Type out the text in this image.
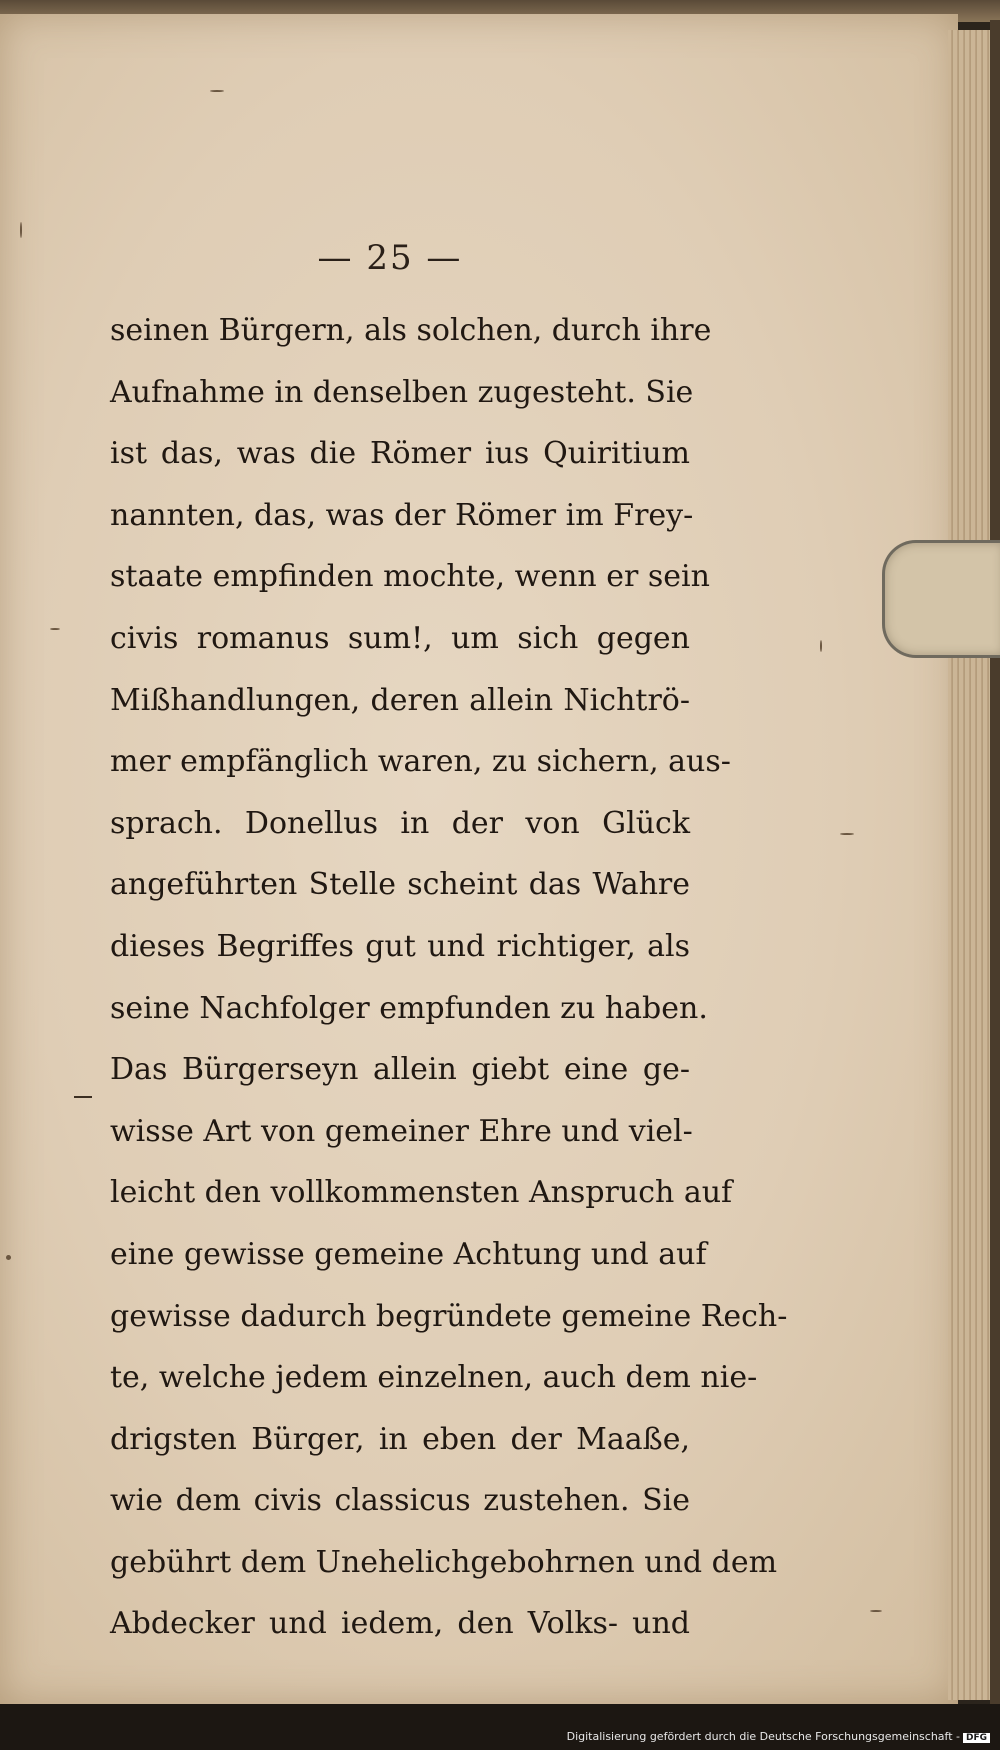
— 25 —
seinen Bürgern, als solchen, durch ihre
Aufnahme in denselben zugesteht. Sie
ist das, was die Römer ius Quiritium
nannten, das, was der Römer im Frey-
staate empfinden mochte, wenn er sein
civis romanus sum!, um sich gegen
Mißhandlungen, deren allein Nichtrö-
mer empfänglich waren, zu sichern, aus-
sprach. Donellus in der von Glück
angeführten Stelle scheint das Wahre
dieses Begriffes gut und richtiger, als
seine Nachfolger empfunden zu haben.
Das Bürgerseyn allein giebt eine ge-
wisse Art von gemeiner Ehre und viel-
leicht den vollkommensten Anspruch auf
eine gewisse gemeine Achtung und auf
gewisse dadurch begründete gemeine Rech-
te, welche jedem einzelnen, auch dem nie-
drigsten Bürger, in eben der Maaße,
wie dem civis classicus zustehen. Sie
gebührt dem Unehelichgebohrnen und dem
Abdecker und iedem, den Volks- und
Digitalisierung gefördert durch die Deutsche Forschungsgemeinschaft - DFG
